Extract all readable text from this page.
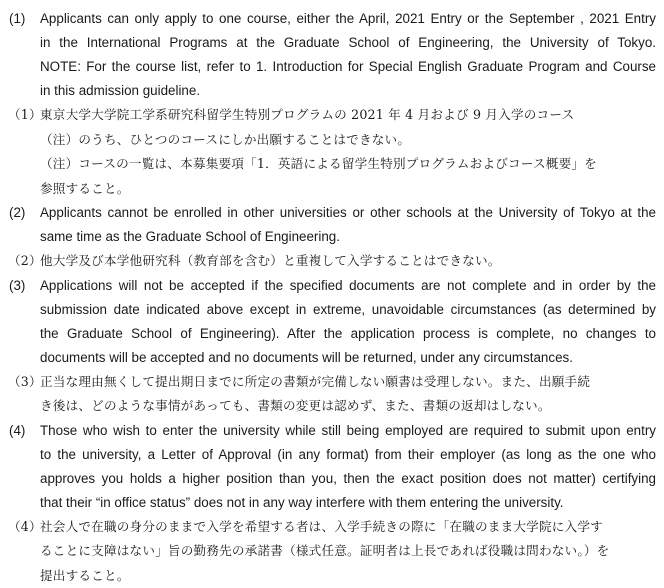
(1)	Applicants can only apply to one course, either the April, 2021 Entry or the September , 2021 Entry
in the International Programs at the Graduate School of Engineering, the University of Tokyo.
NOTE: For the course list, refer to 1. Introduction for Special English Graduate Program and Course
in this admission guideline.
（1）
東京大学大学院工学系研究科留学生特別プログラムの 2021 年 4 月および 9 月入学のコース
（注）のうち、ひとつのコースにしか出願することはできない。
（注）コースの一覧は、本募集要項「1．英語による留学生特別プログラムおよびコース概要」を
参照すること。
(2)	Applicants cannot be enrolled in other universities or other schools at the University of Tokyo at the
same time as the Graduate School of Engineering.
（2）
他大学及び本学他研究科（教育部を含む）と重複して入学することはできない。
(3)	Applications will not be accepted if the specified documents are not complete and in order by the
submission date indicated above except in extreme, unavoidable circumstances (as determined by
the Graduate School of Engineering). After the application process is complete, no changes to
documents will be accepted and no documents will be returned, under any circumstances.
（3）
正当な理由無くして提出期日までに所定の書類が完備しない願書は受理しない。また、出願手続
き後は、どのような事情があっても、書類の変更は認めず、また、書類の返却はしない。
(4)	Those who wish to enter the university while still being employed are required to submit upon entry
to the university, a Letter of Approval (in any format) from their employer (as long as the one who
approves you holds a higher position than you, then the exact position does not matter) certifying
that their “in office status” does not in any way interfere with them entering the university.
（4）
社会人で在職の身分のままで入学を希望する者は、入学手続きの際に「在職のまま大学院に入学す
ることに支障はない」旨の勤務先の承諾書（様式任意。証明者は上長であれば役職は問わない。）を
提出すること。
